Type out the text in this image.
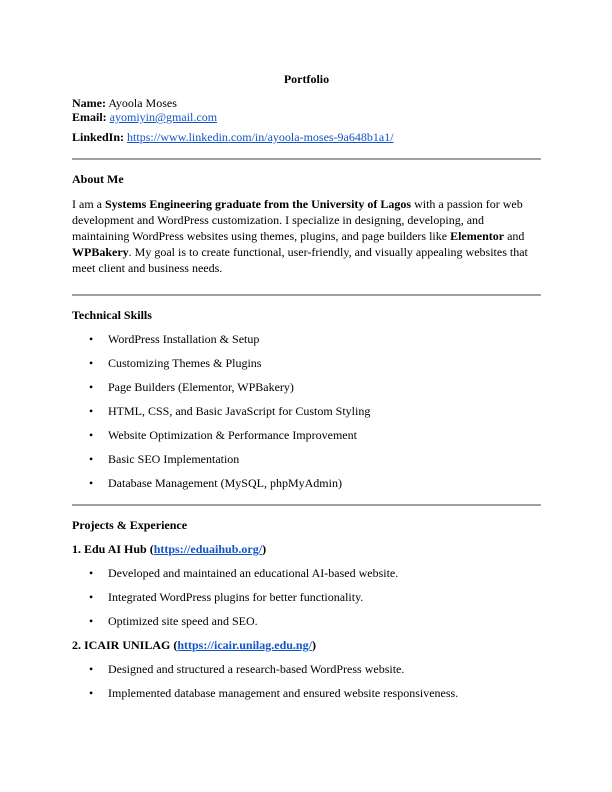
Portfolio

Name: Ayoola Moses

Email: ayomiyin@gmail.com

LinkedIn: https://www.linkedin.com/in/ayoola-moses-9a648b1a1/

About Me

I am a Systems Engineering graduate from the University of Lagos with a passion for web development and WordPress customization. I specialize in designing, developing, and maintaining WordPress websites using themes, plugins, and page builders like Elementor and WPBakery. My goal is to create functional, user-friendly, and visually appealing websites that meet client and business needs.

Technical Skills

• WordPress Installation & Setup
• Customizing Themes & Plugins
• Page Builders (Elementor, WPBakery)
• HTML, CSS, and Basic JavaScript for Custom Styling
• Website Optimization & Performance Improvement
• Basic SEO Implementation
• Database Management (MySQL, phpMyAdmin)

Projects & Experience

1. Edu AI Hub (https://eduaihub.org/)

• Developed and maintained an educational AI-based website.
• Integrated WordPress plugins for better functionality.
• Optimized site speed and SEO.

2. ICAIR UNILAG (https://icair.unilag.edu.ng/)

• Designed and structured a research-based WordPress website.
• Implemented database management and ensured website responsiveness.
